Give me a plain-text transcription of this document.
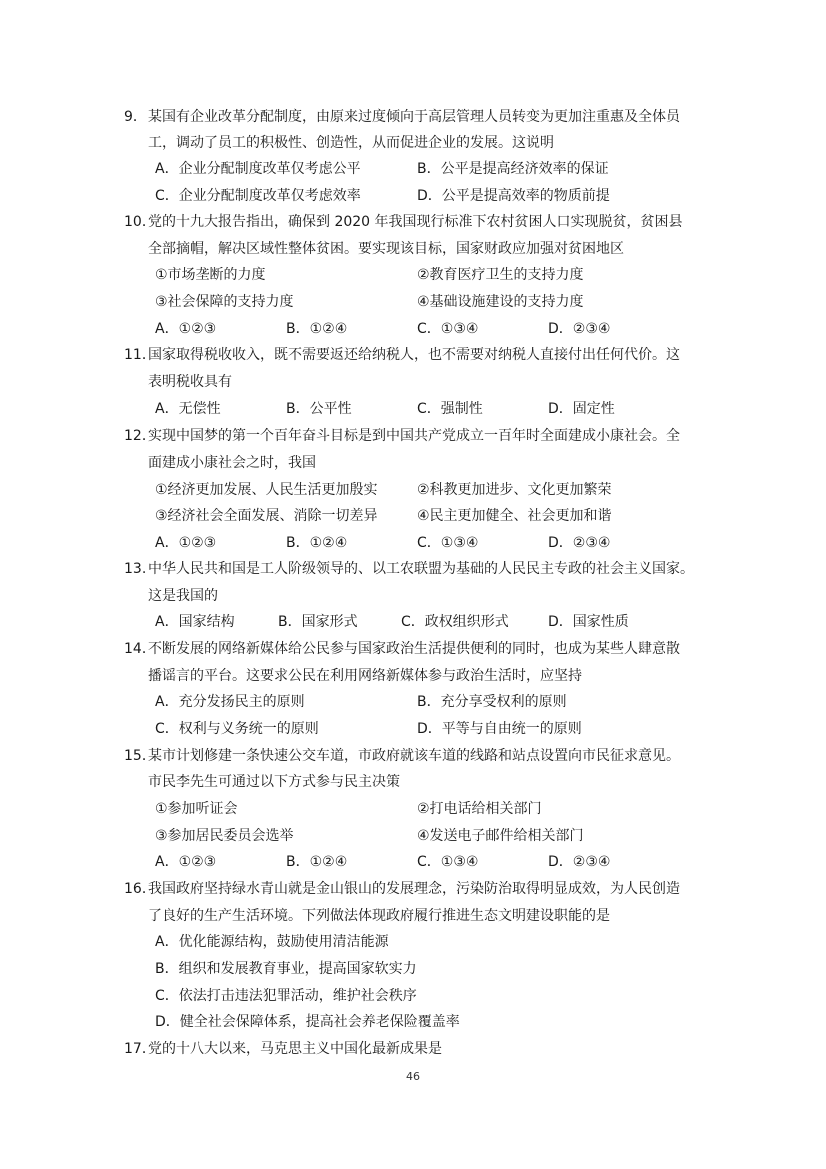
9． 某国有企业改革分配制度，由原来过度倾向于高层管理人员转变为更加注重惠及全体员
工，调动了员工的积极性、创造性，从而促进企业的发展。这说明
A．企业分配制度改革仅考虑公平	B．公平是提高经济效率的保证
C．企业分配制度改革仅考虑效率	D．公平是提高效率的物质前提
10．
党的十九大报告指出，确保到 2020 年我国现行标准下农村贫困人口实现脱贫，贫困县
全部摘帽，解决区域性整体贫困。要实现该目标，国家财政应加强对贫困地区
①市场垄断的力度	②教育医疗卫生的支持力度
③社会保障的支持力度	④基础设施建设的支持力度
A．①②③	B．①②④	C．①③④	D．②③④
11．
国家取得税收收入，既不需要返还给纳税人，也不需要对纳税人直接付出任何代价。这
表明税收具有
A．无偿性	B．公平性	C．强制性	D．固定性
12．
实现中国梦的第一个百年奋斗目标是到中国共产党成立一百年时全面建成小康社会。全
面建成小康社会之时，我国
①经济更加发展、人民生活更加殷实	②科教更加进步、文化更加繁荣
③经济社会全面发展、消除一切差异	④民主更加健全、社会更加和谐
A．①②③	B．①②④	C．①③④	D．②③④
13. 中华人民共和国是工人阶级领导的、以工农联盟为基础的人民民主专政的社会主义国家。
这是我国的
A．国家结构	B．国家形式	C．政权组织形式	D．国家性质
14．
不断发展的网络新媒体给公民参与国家政治生活提供便利的同时，也成为某些人肆意散
播谣言的平台。这要求公民在利用网络新媒体参与政治生活时，应坚持
A．充分发扬民主的原则	B．充分享受权利的原则
C．权利与义务统一的原则	D．平等与自由统一的原则
15．
某市计划修建一条快速公交车道，市政府就该车道的线路和站点设置向市民征求意见。
市民李先生可通过以下方式参与民主决策
①参加听证会	②打电话给相关部门
③参加居民委员会选举	④发送电子邮件给相关部门
A．①②③	B．①②④	C．①③④	D．②③④
16．
我国政府坚持绿水青山就是金山银山的发展理念，污染防治取得明显成效，为人民创造
了良好的生产生活环境。下列做法体现政府履行推进生态文明建设职能的是
A．优化能源结构，鼓励使用清洁能源
B．组织和发展教育事业，提高国家软实力
C．依法打击违法犯罪活动，维护社会秩序
D．健全社会保障体系，提高社会养老保险覆盖率
17．
党的十八大以来，马克思主义中国化最新成果是
46
